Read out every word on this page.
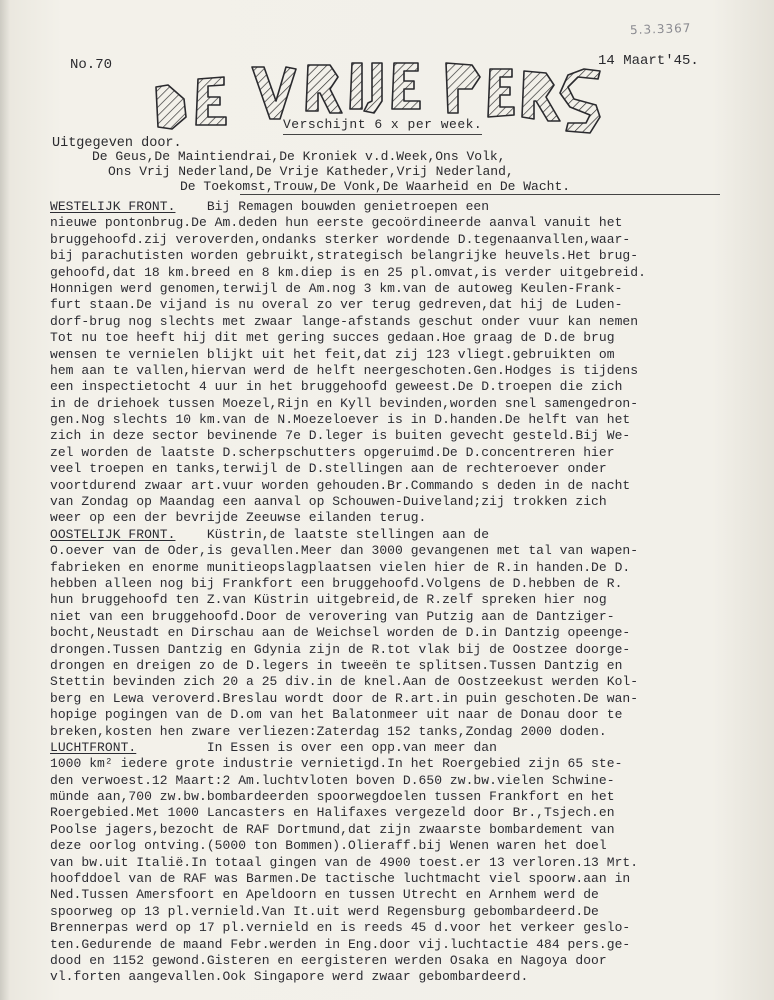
5.3.3367
No.70	14 Maart'45.
Verschijnt 6 x per week.
Uitgegeven door.
De Geus,De Maintiendrai,De Kroniek v.d.Week,Ons Volk,
Ons Vrij Nederland,De Vrije Katheder,Vrij Nederland,
De Toekomst,Trouw,De Vonk,De Waarheid en De Wacht.
WESTELIJK FRONT.    Bij Remagen bouwden genietroepen een
nieuwe pontonbrug.De Am.deden hun eerste gecoördineerde aanval vanuit het
bruggehoofd.zij veroverden,ondanks sterker wordende D.tegenaanvallen,waar-
bij parachutisten worden gebruikt,strategisch belangrijke heuvels.Het brug-
gehoofd,dat 18 km.breed en 8 km.diep is en 25 pl.omvat,is verder uitgebreid.
Honnigen werd genomen,terwijl de Am.nog 3 km.van de autoweg Keulen-Frank-
furt staan.De vijand is nu overal zo ver terug gedreven,dat hij de Luden-
dorf-brug nog slechts met zwaar lange-afstands geschut onder vuur kan nemen
Tot nu toe heeft hij dit met gering succes gedaan.Hoe graag de D.de brug
wensen te vernielen blijkt uit het feit,dat zij 123 vliegt.gebruikten om
hem aan te vallen,hiervan werd de helft neergeschoten.Gen.Hodges is tijdens
een inspectietocht 4 uur in het bruggehoofd geweest.De D.troepen die zich
in de driehoek tussen Moezel,Rijn en Kyll bevinden,worden snel samengedron-
gen.Nog slechts 10 km.van de N.Moezeloever is in D.handen.De helft van het
zich in deze sector bevinende 7e D.leger is buiten gevecht gesteld.Bij We-
zel worden de laatste D.scherpschutters opgeruimd.De D.concentreren hier
veel troepen en tanks,terwijl de D.stellingen aan de rechteroever onder
voortdurend zwaar art.vuur worden gehouden.Br.Commando s deden in de nacht
van Zondag op Maandag een aanval op Schouwen-Duiveland;zij trokken zich
weer op een der bevrijde Zeeuwse eilanden terug.
OOSTELIJK FRONT.    Küstrin,de laatste stellingen aan de
O.oever van de Oder,is gevallen.Meer dan 3000 gevangenen met tal van wapen-
fabrieken en enorme munitieopslagplaatsen vielen hier de R.in handen.De D.
hebben alleen nog bij Frankfort een bruggehoofd.Volgens de D.hebben de R.
hun bruggehoofd ten Z.van Küstrin uitgebreid,de R.zelf spreken hier nog
niet van een bruggehoofd.Door de verovering van Putzig aan de Dantziger-
bocht,Neustadt en Dirschau aan de Weichsel worden de D.in Dantzig opeenge-
drongen.Tussen Dantzig en Gdynia zijn de R.tot vlak bij de Oostzee doorge-
drongen en dreigen zo de D.legers in tweeën te splitsen.Tussen Dantzig en
Stettin bevinden zich 20 a 25 div.in de knel.Aan de Oostzeekust werden Kol-
berg en Lewa veroverd.Breslau wordt door de R.art.in puin geschoten.De wan-
hopige pogingen van de D.om van het Balatonmeer uit naar de Donau door te
breken,kosten hen zware verliezen:Zaterdag 152 tanks,Zondag 2000 doden.
LUCHTFRONT.         In Essen is over een opp.van meer dan
1000 km² iedere grote industrie vernietigd.In het Roergebied zijn 65 ste-
den verwoest.12 Maart:2 Am.luchtvloten boven D.650 zw.bw.vielen Schwine-
münde aan,700 zw.bw.bombardeerden spoorwegdoelen tussen Frankfort en het
Roergebied.Met 1000 Lancasters en Halifaxes vergezeld door Br.,Tsjech.en
Poolse jagers,bezocht de RAF Dortmund,dat zijn zwaarste bombardement van
deze oorlog ontving.(5000 ton Bommen).Olieraff.bij Wenen waren het doel
van bw.uit Italië.In totaal gingen van de 4900 toest.er 13 verloren.13 Mrt.
hoofddoel van de RAF was Barmen.De tactische luchtmacht viel spoorw.aan in
Ned.Tussen Amersfoort en Apeldoorn en tussen Utrecht en Arnhem werd de
spoorweg op 13 pl.vernield.Van It.uit werd Regensburg gebombardeerd.De
Brennerpas werd op 17 pl.vernield en is reeds 45 d.voor het verkeer geslo-
ten.Gedurende de maand Febr.werden in Eng.door vij.luchtactie 484 pers.ge-
dood en 1152 gewond.Gisteren en eergisteren werden Osaka en Nagoya door
vl.forten aangevallen.Ook Singapore werd zwaar gebombardeerd.
